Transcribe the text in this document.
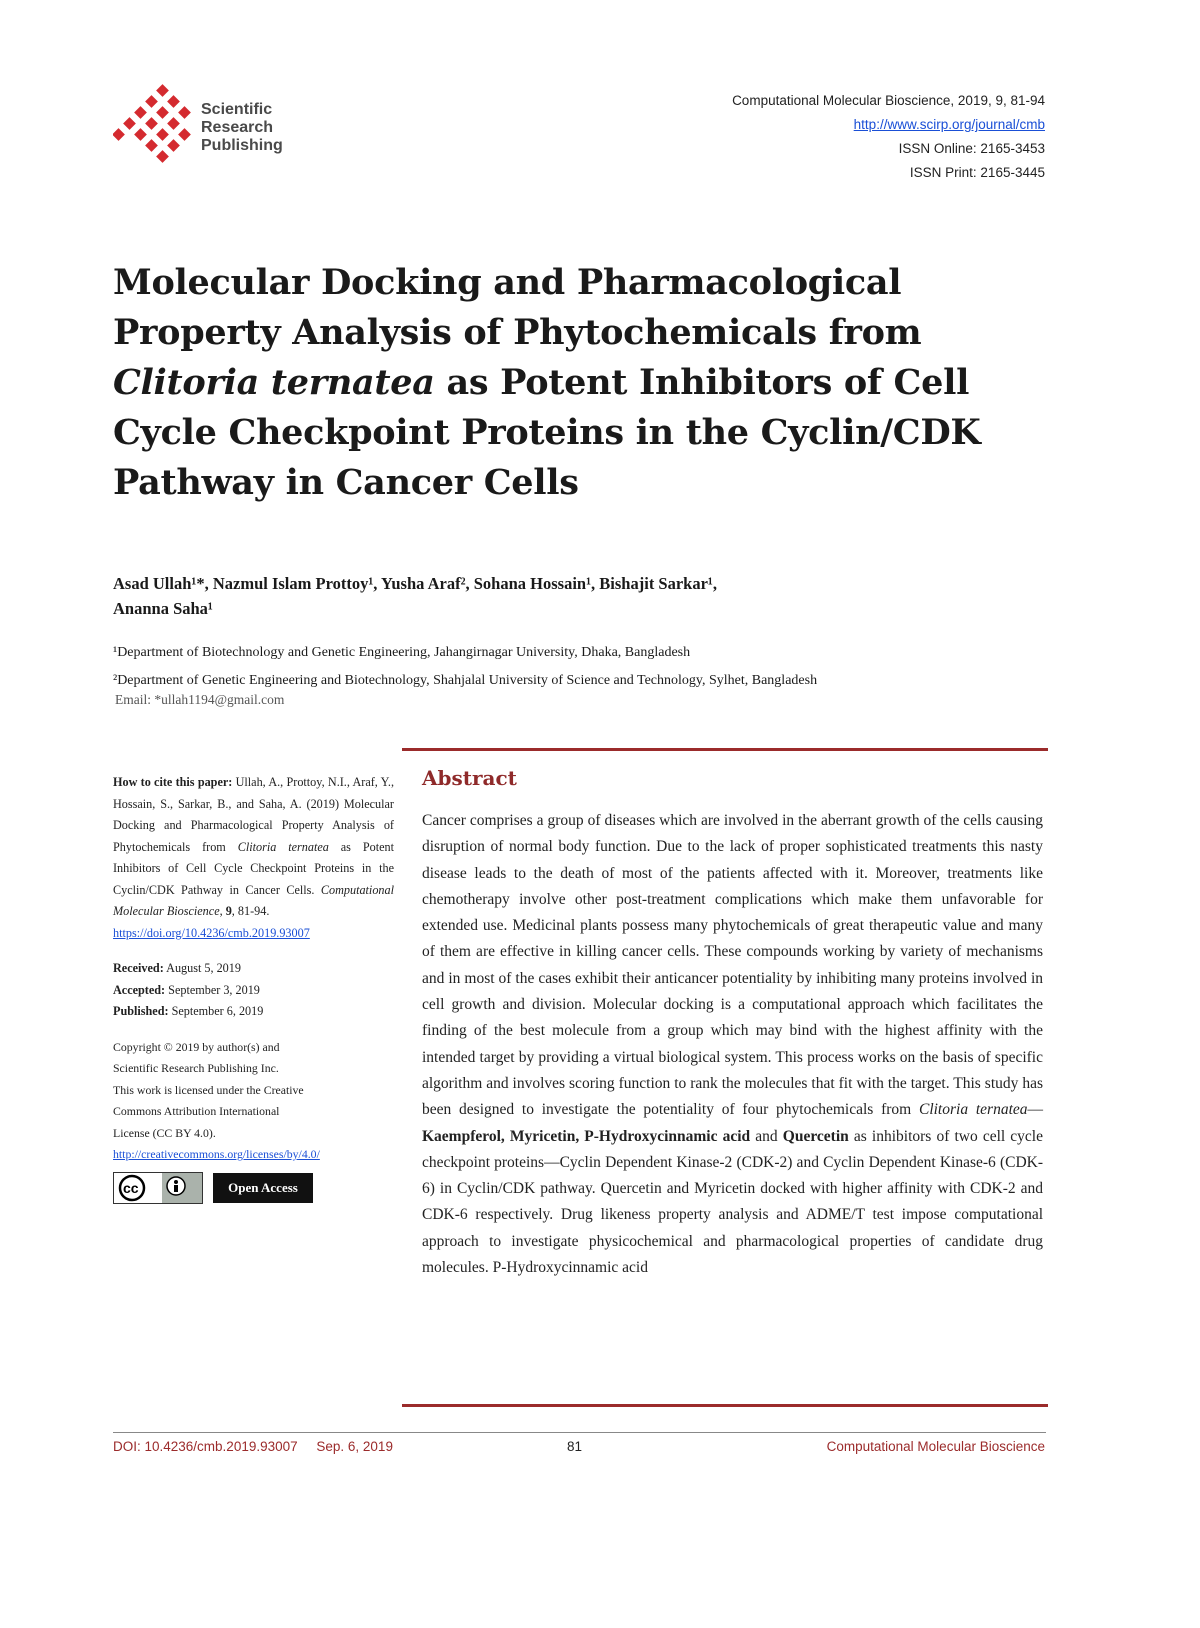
Scientific
Research
Publishing
Computational Molecular Bioscience, 2019, 9, 81-94
http://www.scirp.org/journal/cmb
ISSN Online: 2165-3453
ISSN Print: 2165-3445
Molecular Docking and Pharmacological
Property Analysis of Phytochemicals from
Clitoria ternatea as Potent Inhibitors of Cell
Cycle Checkpoint Proteins in the Cyclin/CDK
Pathway in Cancer Cells
Asad Ullah¹*, Nazmul Islam Prottoy¹, Yusha Araf², Sohana Hossain¹, Bishajit Sarkar¹,
Ananna Saha¹
¹Department of Biotechnology and Genetic Engineering, Jahangirnagar University, Dhaka, Bangladesh
²Department of Genetic Engineering and Biotechnology, Shahjalal University of Science and Technology, Sylhet, Bangladesh
Email: *ullah1194@gmail.com
How to cite this paper: Ullah, A., Prottoy, N.I., Araf, Y., Hossain, S., Sarkar, B., and Saha, A. (2019) Molecular Docking and Pharmacological Property Analysis of Phytochemicals from Clitoria ternatea as Potent Inhibitors of Cell Cycle Checkpoint Proteins in the Cyclin/CDK Pathway in Cancer Cells. Computational Molecular Bioscience, 9, 81-94.
https://doi.org/10.4236/cmb.2019.93007
Received: August 5, 2019
Accepted: September 3, 2019
Published: September 6, 2019
Copyright © 2019 by author(s) and
Scientific Research Publishing Inc.
This work is licensed under the Creative
Commons Attribution International
License (CC BY 4.0).
http://creativecommons.org/licenses/by/4.0/
cc	Open Access
Abstract
Cancer comprises a group of diseases which are involved in the aberrant growth of the cells causing disruption of normal body function. Due to the lack of proper sophisticated treatments this nasty disease leads to the death of most of the patients affected with it. Moreover, treatments like chemotherapy involve other post-treatment complications which make them unfavorable for extended use. Medicinal plants possess many phytochemicals of great therapeutic value and many of them are effective in killing cancer cells. These compounds working by variety of mechanisms and in most of the cases exhibit their anticancer potentiality by inhibiting many proteins involved in cell growth and division. Molecular docking is a computational approach which facilitates the finding of the best molecule from a group which may bind with the highest affinity with the intended target by providing a virtual biological system. This process works on the basis of specific algorithm and involves scoring function to rank the molecules that fit with the target. This study has been designed to investigate the potentiality of four phytochemicals from Clitoria ternatea—Kaempferol, Myricetin, P-Hydroxycinnamic acid and Quercetin as inhibitors of two cell cycle checkpoint proteins—Cyclin Dependent Kinase-2 (CDK-2) and Cyclin Dependent Kinase-6 (CDK-6) in Cyclin/CDK pathway. Quercetin and Myricetin docked with higher affinity with CDK-2 and CDK-6 respectively. Drug likeness property analysis and ADME/T test impose computational approach to investigate physicochemical and pharmacological properties of candidate drug molecules. P-Hydroxycinnamic acid
DOI: 10.4236/cmb.2019.93007     Sep. 6, 2019	81	Computational Molecular Bioscience
